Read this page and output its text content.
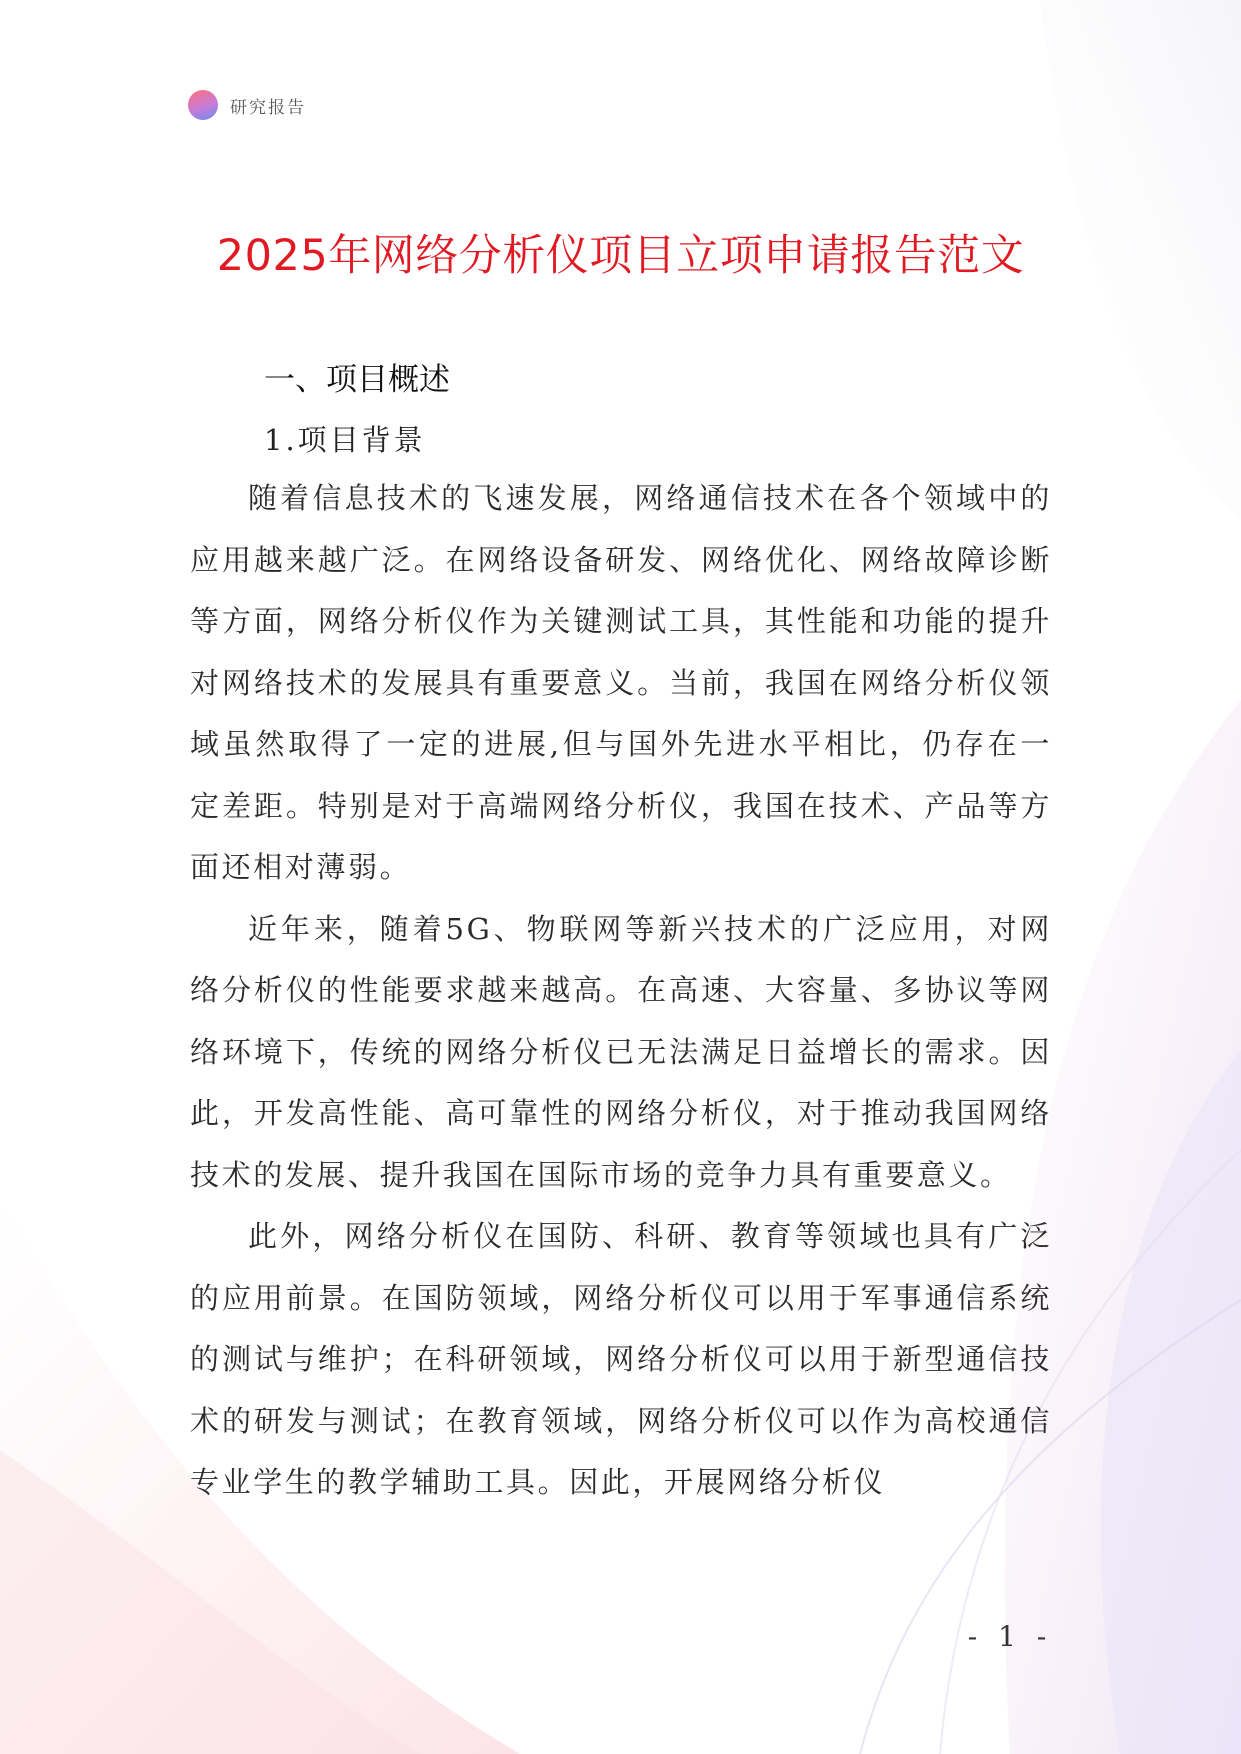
研究报告
2025年网络分析仪项目立项申请报告范文
一、项目概述
1.项目背景

随着信息技术的飞速发展，网络通信技术在各个领域中的应用越来越广泛。在网络设备研发、网络优化、网络故障诊断等方面，网络分析仪作为关键测试工具，其性能和功能的提升对网络技术的发展具有重要意义。当前，我国在网络分析仪领域虽然取得了一定的进展,但与国外先进水平相比，仍存在一定差距。特别是对于高端网络分析仪，我国在技术、产品等方面还相对薄弱。

近年来，随着5G、物联网等新兴技术的广泛应用，对网络分析仪的性能要求越来越高。在高速、大容量、多协议等网络环境下，传统的网络分析仪已无法满足日益增长的需求。因此，开发高性能、高可靠性的网络分析仪，对于推动我国网络技术的发展、提升我国在国际市场的竞争力具有重要意义。

此外，网络分析仪在国防、科研、教育等领域也具有广泛的应用前景。在国防领域，网络分析仪可以用于军事通信系统的测试与维护；在科研领域，网络分析仪可以用于新型通信技术的研发与测试；在教育领域，网络分析仪可以作为高校通信专业学生的教学辅助工具。因此，开展网络分析仪

- 1 -
